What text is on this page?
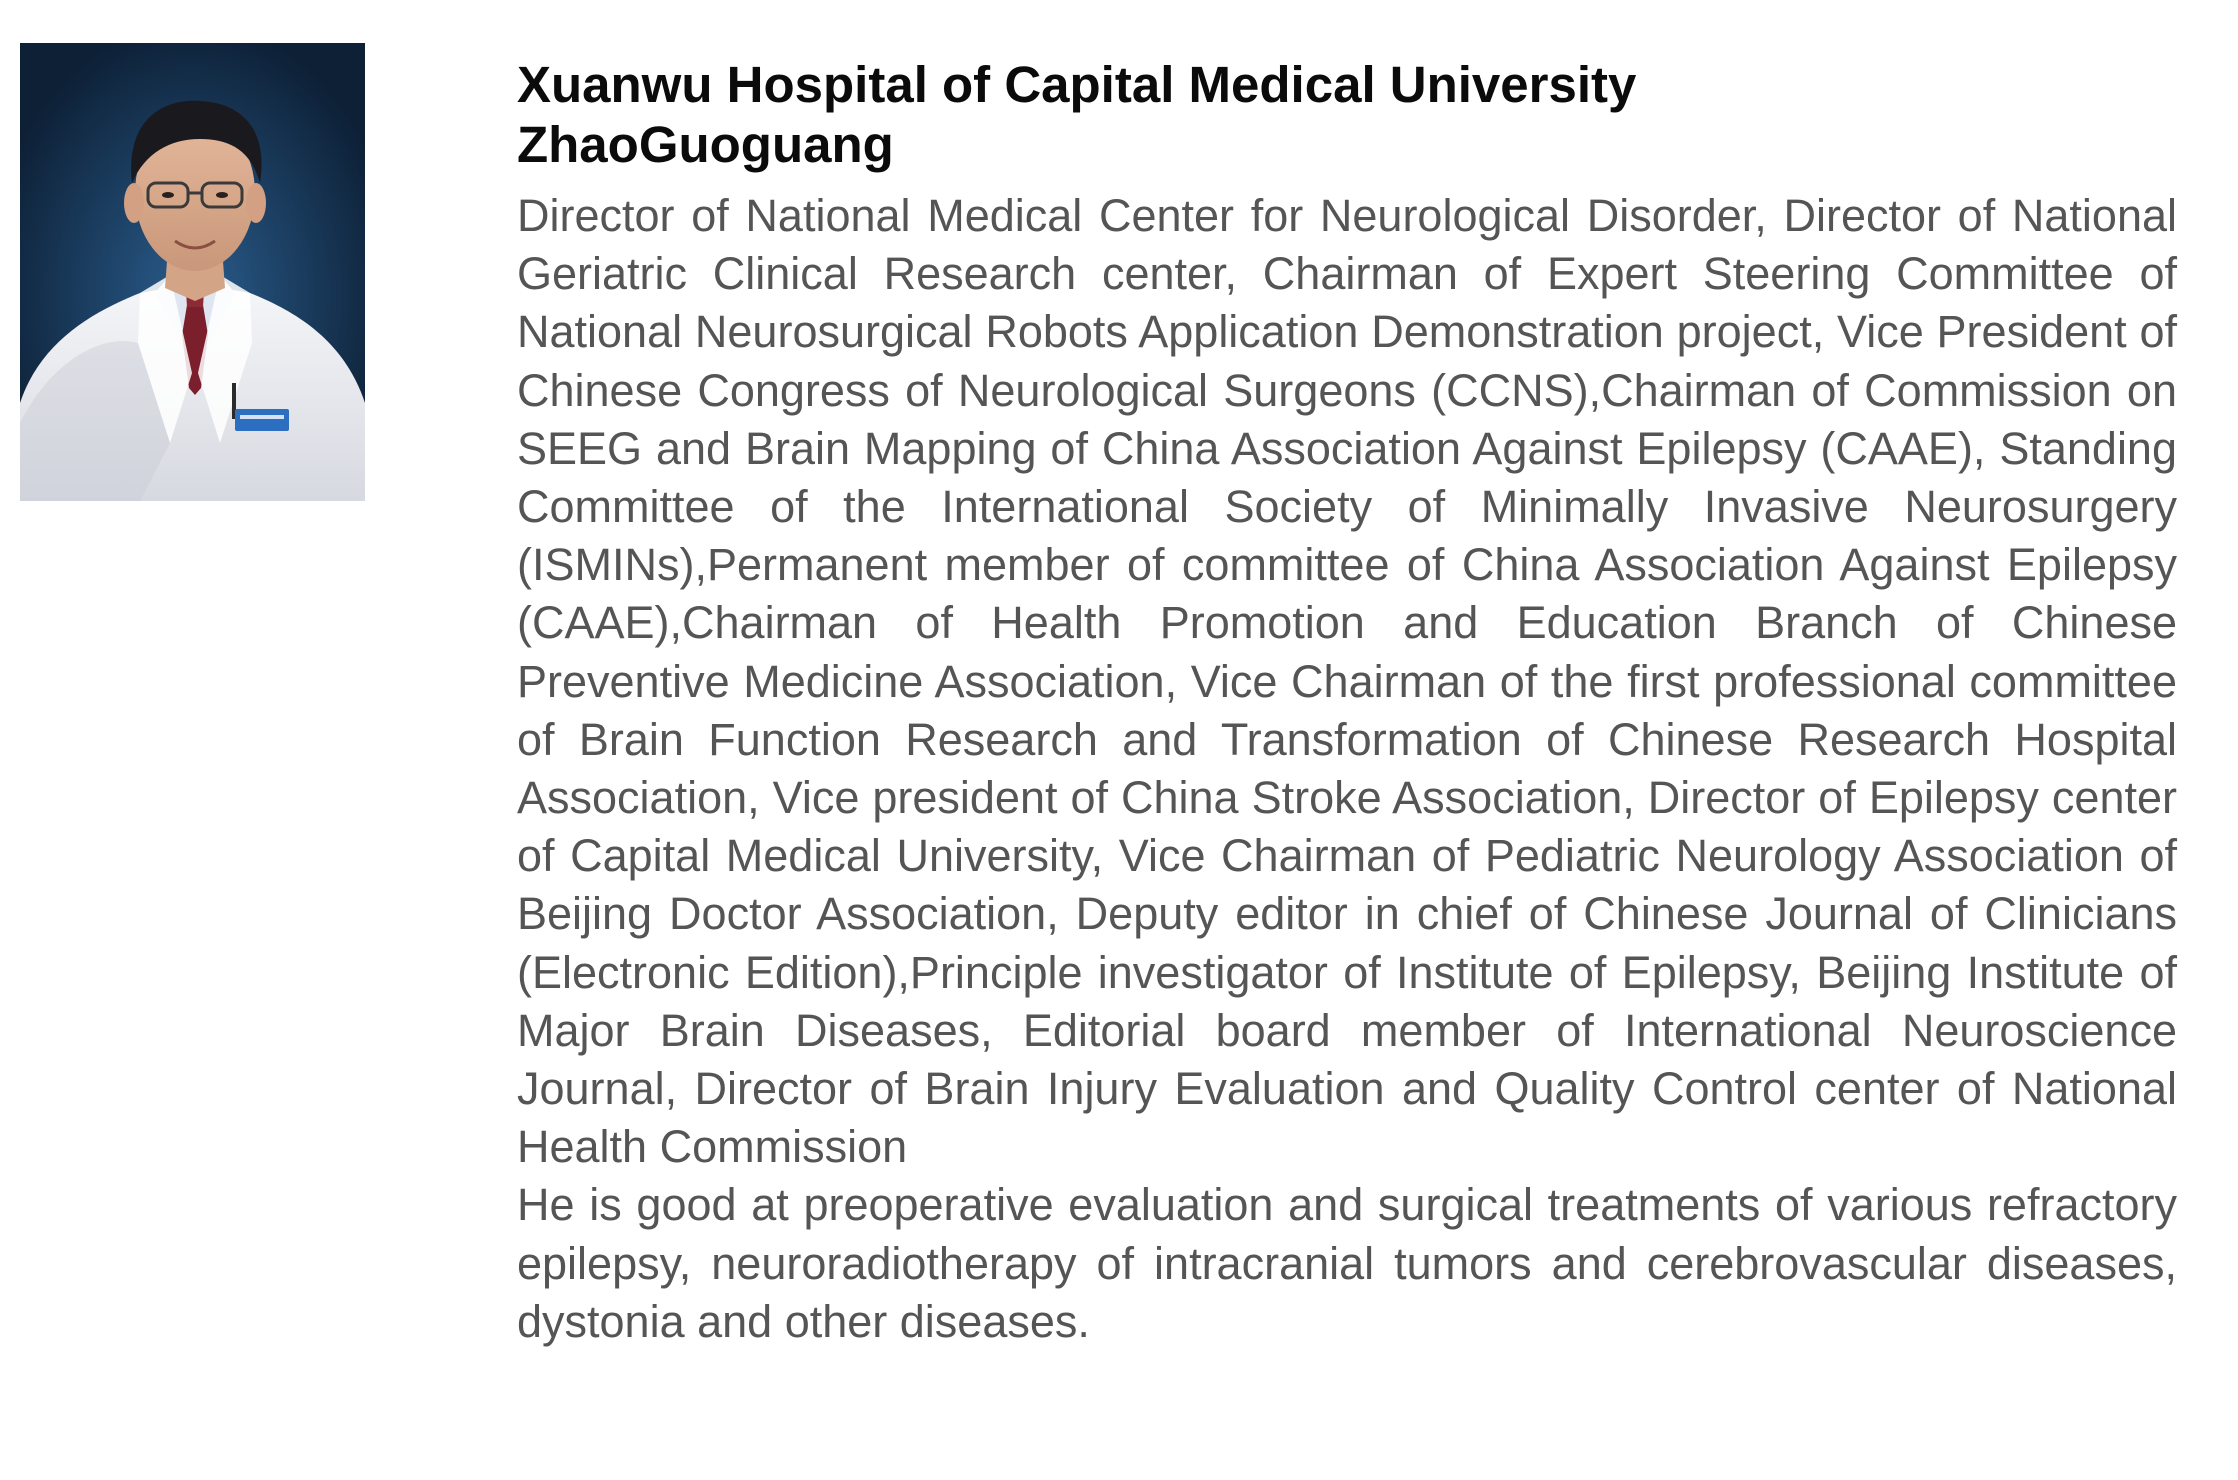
Xuanwu Hospital of Capital Medical University

ZhaoGuoguang

Director of National Medical Center for Neurological Disorder, Director of National Geriatric Clinical Research center, Chairman of Expert Steering Committee of National Neurosurgical Robots Application Demonstration project, Vice President of Chinese Congress of Neurological Surgeons (CCNS),Chairman of Commission on SEEG and Brain Mapping of China Association Against Epilepsy (CAAE), Standing Committee of the International Society of Minimally Invasive Neurosurgery (ISMINs),Permanent member of committee of China Association Against Epilepsy (CAAE),Chairman of Health Promotion and Education Branch of Chinese Preventive Medicine Association, Vice Chairman of the first professional committee of Brain Function Research and Transformation of Chinese Research Hospital Association, Vice president of China Stroke Association, Director of Epilepsy center of Capital Medical University, Vice Chairman of Pediatric Neurology Association of Beijing Doctor Association, Deputy editor in chief of Chinese Journal of Clinicians (Electronic Edition),Principle investigator of Institute of Epilepsy, Beijing Institute of Major Brain Diseases, Editorial board member of International Neuroscience Journal, Director of Brain Injury Evaluation and Quality Control center of National Health Commission

He is good at preoperative evaluation and surgical treatments of various refractory epilepsy, neuroradiotherapy of intracranial tumors and cerebrovascular diseases, dystonia and other diseases.
